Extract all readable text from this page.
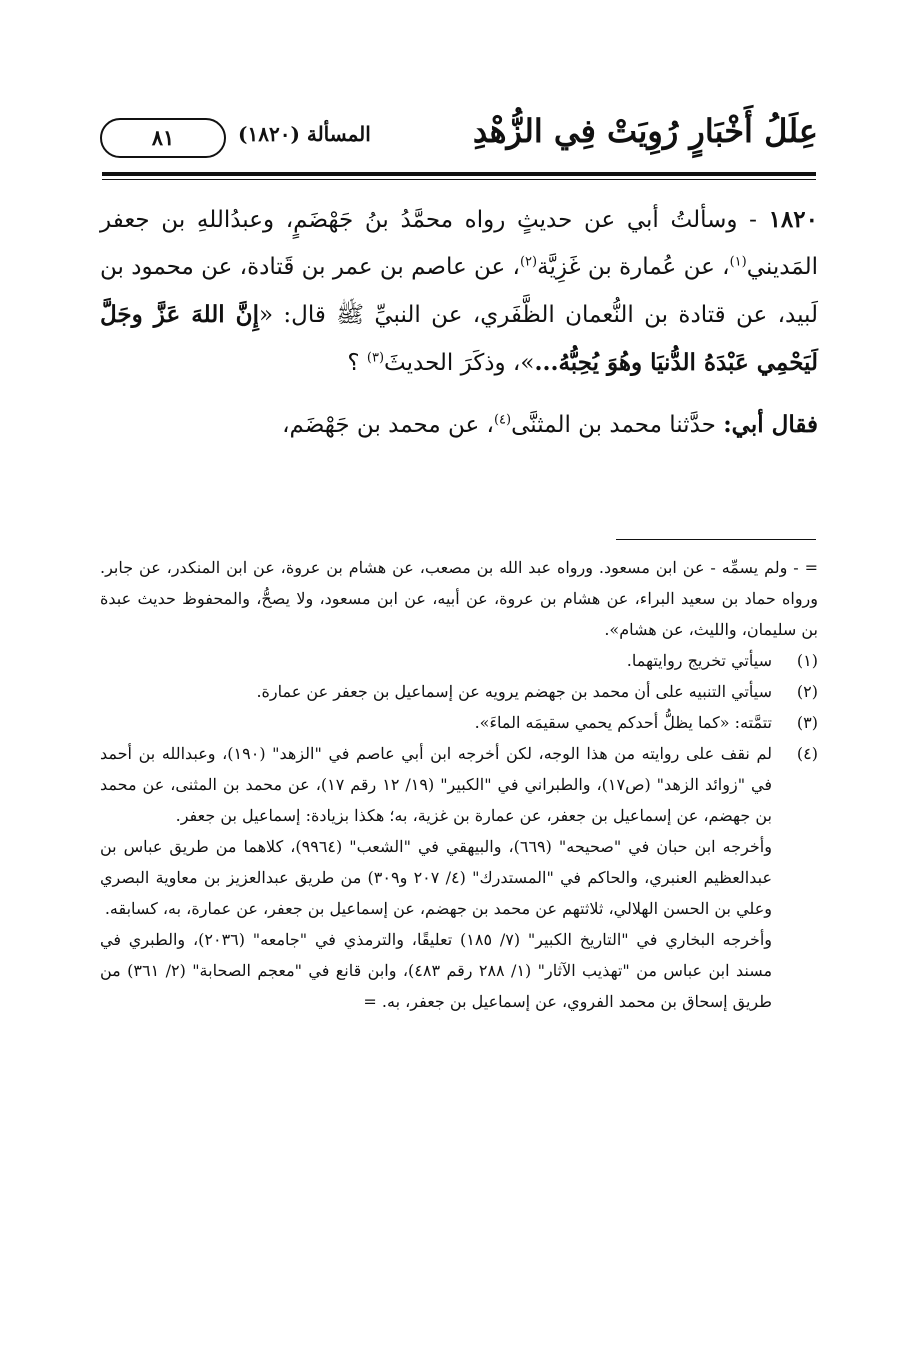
عِلَلُ أَخْبَارٍ رُوِيَتْ فِي الزُّهْدِ
المسألة (١٨٢٠)
٨١

١٨٢٠ - وسألتُ أبي عن حديثٍ رواه محمَّدُ بنُ جَهْضَمٍ، وعبدُاللهِ بن جعفر المَديني$^{(١)}$، عن عُمارة بن غَزِيَّة$^{(٢)}$، عن عاصم بن عمر بن قَتادة، عن محمود بن لَبيد، عن قتادة بن النُّعمان الظَّفَري، عن النبيِّ ﷺ قال: «إِنَّ اللهَ عَزَّ وجَلَّ لَيَحْمِي عَبْدَهُ الدُّنيَا وهُوَ يُحِبُّهُ...»، وذكَرَ الحديثَ$^{(٣)}$ ؟

فقال أبي: حدَّثنا محمد بن المثنَّى$^{(٤)}$، عن محمد بن جَهْضَم،

= - ولم يسمِّه - عن ابن مسعود. ورواه عبد الله بن مصعب، عن هشام بن عروة، عن ابن المنكدر، عن جابر. ورواه حماد بن سعيد البراء، عن هشام بن عروة، عن أبيه، عن ابن مسعود، ولا يصحُّ، والمحفوظ حديث عبدة بن سليمان، والليث، عن هشام».

(١)

سيأتي تخريج روايتهما.

(٢)

سيأتي التنبيه على أن محمد بن جهضم يرويه عن إسماعيل بن جعفر عن عمارة.

(٣)

تتمَّته: «كما يظلُّ أحدكم يحمي سقيمَه الماءَ».

(٤)

لم نقف على روايته من هذا الوجه، لكن أخرجه ابن أبي عاصم في "الزهد" (١٩٠)، وعبدالله بن أحمد في "زوائد الزهد" (ص١٧)، والطبراني في "الكبير" (١٩/ ١٢ رقم ١٧)، عن محمد بن المثنى، عن محمد بن جهضم، عن إسماعيل بن جعفر، عن عمارة بن غزية، به؛ هكذا بزيادة: إسماعيل بن جعفر.

وأخرجه ابن حبان في "صحيحه" (٦٦٩)، والبيهقي في "الشعب" (٩٩٦٤)، كلاهما من طريق عباس بن عبدالعظيم العنبري، والحاكم في "المستدرك" (٤/ ٢٠٧ و٣٠٩) من طريق عبدالعزيز بن معاوية البصري وعلي بن الحسن الهلالي، ثلاثتهم عن محمد بن جهضم، عن إسماعيل بن جعفر، عن عمارة، به، كسابقه.

وأخرجه البخاري في "التاريخ الكبير" (٧/ ١٨٥) تعليقًا، والترمذي في "جامعه" (٢٠٣٦)، والطبري في مسند ابن عباس من "تهذيب الآثار" (١/ ٢٨٨ رقم ٤٨٣)، وابن قانع في "معجم الصحابة" (٢/ ٣٦١) من طريق إسحاق بن محمد الفروي، عن إسماعيل بن جعفر، به. =
